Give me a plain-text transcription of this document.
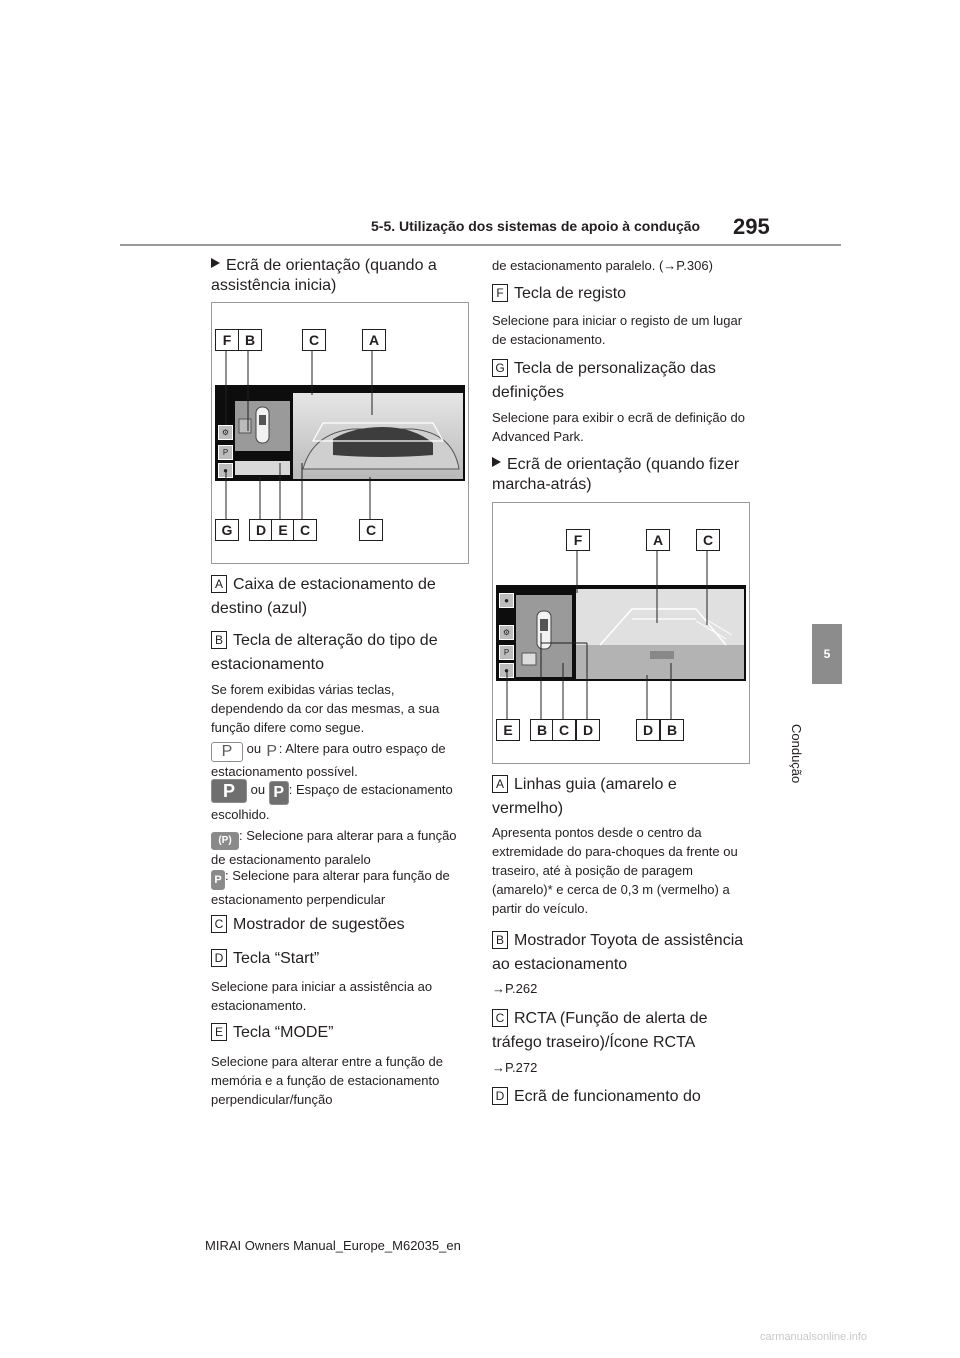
5-5. Utilização dos sistemas de apoio à condução 295
5
Condução
Ecrã de orientação (quando a assistência inicia)
⚙
P
●
F B	C	A
G	D E C	C
A Caixa de estacionamento de destino (azul)
B Tecla de alteração do tipo de estacionamento
Se forem exibidas várias teclas, dependendo da cor das mesmas, a sua função difere como segue.
P ou P : Altere para outro espaço de estacionamento possível.
P ou P : Espaço de estacionamento escolhido.
(P) : Selecione para alterar para a função de estacionamento paralelo
P : Selecione para alterar para função de estacionamento perpendicular
C Mostrador de sugestões
D Tecla “Start”
Selecione para iniciar a assistência ao estacionamento.
E Tecla “MODE”
Selecione para alterar entre a função de memória e a função de estacionamento perpendicular/função
de estacionamento paralelo. (→P.306)
F Tecla de registo
Selecione para iniciar o registo de um lugar de estacionamento.
G Tecla de personalização das definições
Selecione para exibir o ecrã de definição do Advanced Park.
Ecrã de orientação (quando fizer marcha-atrás)
●
⚙
P
●
F	A	C
E	B C D	D B
A Linhas guia (amarelo e vermelho)
Apresenta pontos desde o centro da extremidade do para-choques da frente ou traseiro, até à posição de paragem (amarelo)* e cerca de 0,3 m (vermelho) a partir do veículo.
B Mostrador Toyota de assistência ao estacionamento
→P.262
C RCTA (Função de alerta de tráfego traseiro)/Ícone RCTA
→P.272
D Ecrã de funcionamento do
MIRAI Owners Manual_Europe_M62035_en
carmanualsonline.info
